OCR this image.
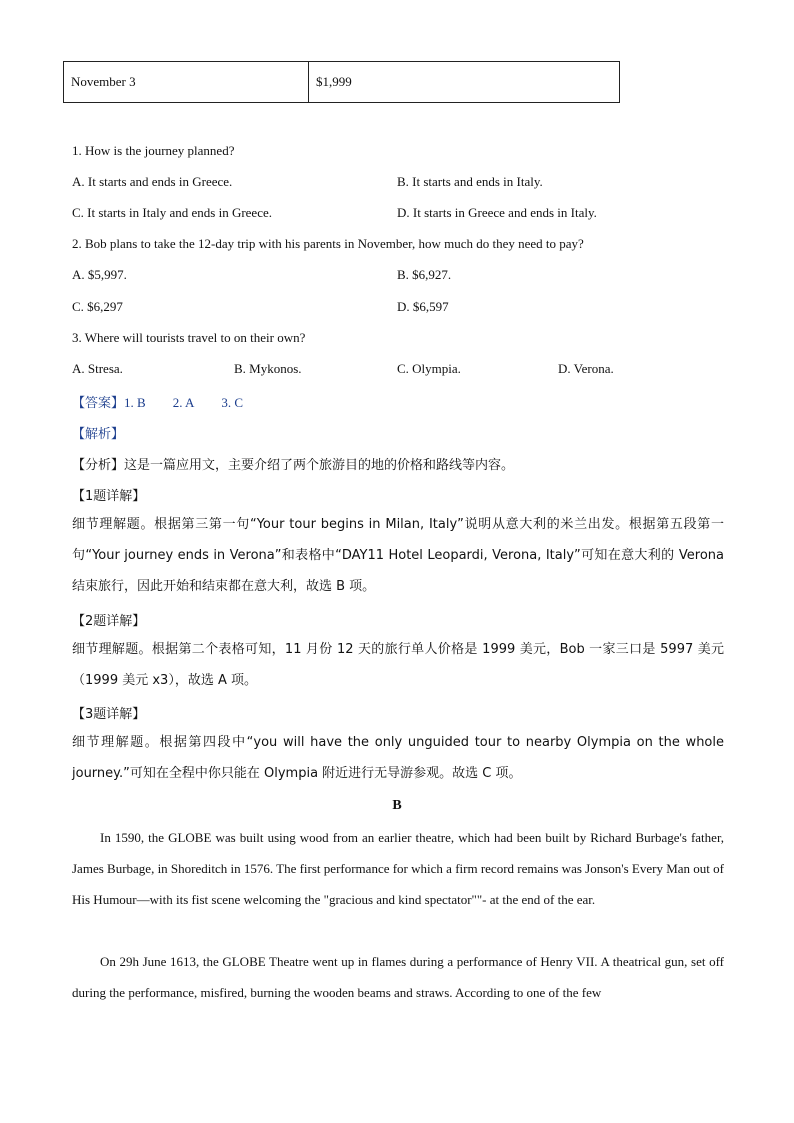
November 3	$1,999
1. How is the journey planned?
A. It starts and ends in Greece.	B. It starts and ends in Italy.
C. It starts in Italy and ends in Greece.	D. It starts in Greece and ends in Italy.
2. Bob plans to take the 12-day trip with his parents in November, how much do they need to pay?
A. $5,997.	B. $6,927.
C. $6,297	D. $6,597
3. Where will tourists travel to on their own?
A. Stresa.	B. Mykonos.	C. Olympia.	D. Verona.
【答案】1. B 2. A 3. C
【解析】
【分析】这是一篇应用文，主要介绍了两个旅游目的地的价格和路线等内容。
【1题详解】
细节理解题。根据第三第一句“Your tour begins in Milan, Italy”说明从意大利的米兰出发。根据第五段第一句“Your journey ends in Verona”和表格中“DAY11 Hotel Leopardi, Verona, Italy”可知在意大利的 Verona 结束旅行，因此开始和结束都在意大利，故选 B 项。
【2题详解】
细节理解题。根据第二个表格可知，11 月份 12 天的旅行单人价格是 1999 美元，Bob 一家三口是 5997 美元（1999 美元 x3），故选 A 项。
【3题详解】
细节理解题。根据第四段中“you will have the only unguided tour to nearby Olympia on the whole journey.”可知在全程中你只能在 Olympia 附近进行无导游参观。故选 C 项。
B
In 1590, the GLOBE was built using wood from an earlier theatre, which had been built by Richard Burbage's father, James Burbage, in Shoreditch in 1576. The first performance for which a firm record remains was Jonson's Every Man out of His Humour—with its fist scene welcoming the "gracious and kind spectator""- at the end of the ear.
On 29h June 1613, the GLOBE Theatre went up in flames during a performance of Henry VII. A theatrical gun, set off during the performance, misfired, burning the wooden beams and straws. According to one of the few
